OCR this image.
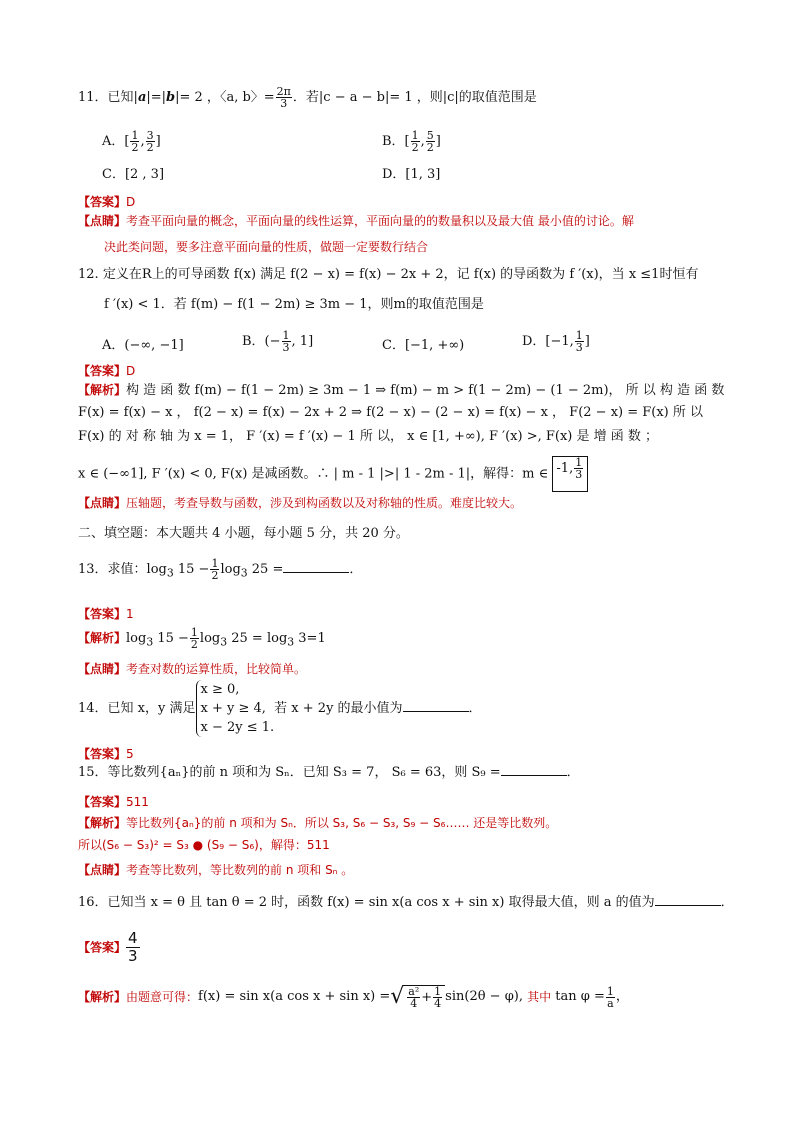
11．已知|a|=|b|= 2 ，〈a, b〉= $\frac{2\pi}{3}$ ．若|c − a − b|= 1 ，则|c|的取值范围是
A．[ $\frac{1}{2}$ , $\frac{3}{2}$ ]	B．[ $\frac{1}{2}$ , $\frac{5}{2}$ ]
C．[2 , 3]	D．[1, 3]
【答案】D
【点睛】考查平面向量的概念，平面向量的线性运算，平面向量的的数量积以及最大值 最小值的讨论。解
决此类问题，要多注意平面向量的性质，做题一定要数行结合
12. 定义在R上的可导函数 f(x) 满足 f(2 − x) = f(x) − 2x + 2，记 f(x) 的导函数为 f ′(x)，当 x ≤1时恒有
f ′(x) < 1．若 f(m) − f(1 − 2m) ≥ 3m − 1，则m的取值范围是
A．(−∞, −1]	B．(− $\frac{1}{3}$ , 1]	C．[−1, +∞)	D．[−1, $\frac{1}{3}$ ]
【答案】D
【解析】构 造 函 数 f(m) − f(1 − 2m) ≥ 3m − 1 ⇒ f(m) − m > f(1 − 2m) − (1 − 2m)， 所 以 构 造 函 数
F(x) = f(x) − x ， f(2 − x) = f(x) − 2x + 2 ⇒ f(2 − x) − (2 − x) = f(x) − x ， F(2 − x) = F(x) 所 以
F(x) 的 对 称 轴 为 x = 1， F ′(x) = f ′(x) − 1 所 以， x ∈ [1, +∞), F ′(x) >, F(x) 是 增 函 数 ；
x ∈ (−∞1], F ′(x) < 0, F(x) 是减函数。∴ | m - 1 |>| 1 - 2m - 1|，解得：m ∈ -1, $\frac{1}{3}$
【点睛】压轴题，考查导数与函数，涉及到构函数以及对称轴的性质。难度比较大。
二、填空题：本大题共 4 小题，每小题 5 分，共 20 分。
13．求值：$\log_3 15 - \frac{1}{2} \log_3 25$ =	．
【答案】1
【解析】$\log_3 15 - \frac{1}{2} \log_3 25 = \log_3 3=1$
【点睛】考查对数的运算性质，比较简单。
14．已知 x，y 满足
x ≥ 0,
x + y ≥ 4,
x − 2y ≤ 1.
若 x + 2y 的最小值为	．
【答案】5
15．等比数列{aₙ}的前 n 项和为 Sₙ．已知 S₃ = 7， S₆ = 63，则 S₉ =	．
【答案】511
【解析】等比数列{aₙ}的前 n 项和为 Sₙ．所以 S₃, S₆ − S₃, S₉ − S₆…… 还是等比数列。
所以(S₆ − S₃)² = S₃ ● (S₉ − S₆)，解得：511
【点睛】考查等比数列，等比数列的前 n 项和 Sₙ 。
16．已知当 x = θ 且 tan θ = 2 时，函数 f(x) = sin x(a cos x + sin x) 取得最大值，则 a 的值为	．
【答案】 $\frac{4}{3}$
【解析】由题意可得：f(x) = sin x(a cos x + sin x) =√ $\frac{\text{a²}}{4} + \frac{1}{4} \sin(2\theta - \varphi)$, 其中 $\tan \varphi = \frac{1}{a}$ ，
